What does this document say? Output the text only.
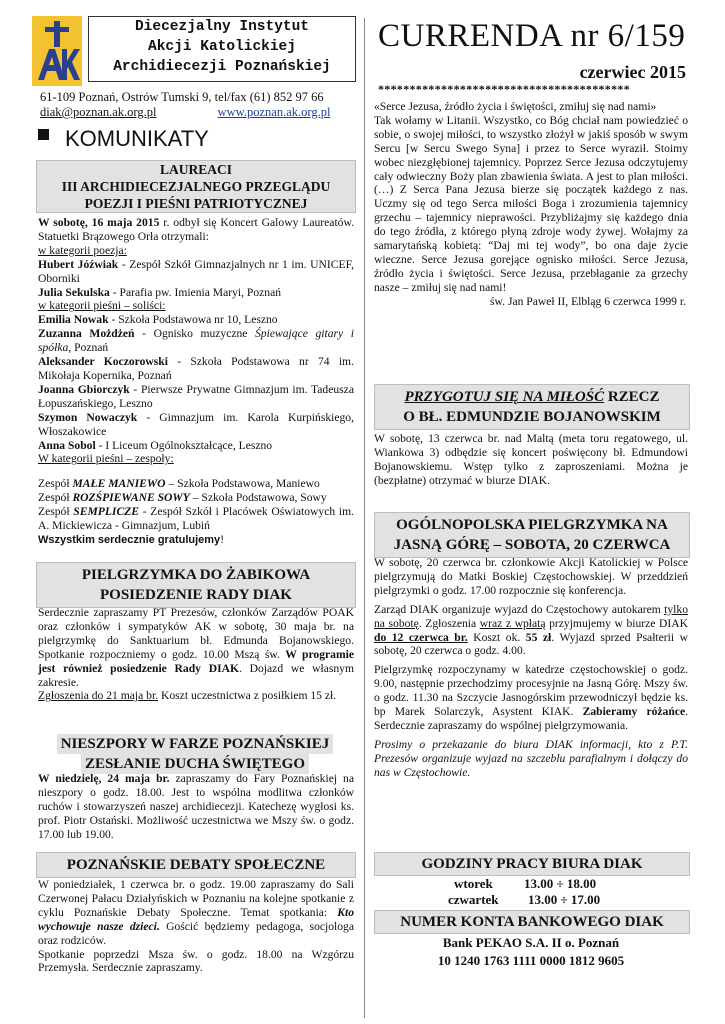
Diecezjalny Instytut
Akcji Katolickiej
Archidiecezji Poznańskiej
61-109 Poznań, Ostrów Tumski 9, tel/fax (61) 852 97 66
diak@poznan.ak.org.pl	www.poznan.ak.org.pl
KOMUNIKATY
LAUREACI
III ARCHIDIECEZJALNEGO PRZEGLĄDU
POEZJI I PIEŚNI PATRIOTYCZNEJ

W sobotę, 16 maja 2015 r. odbył się Koncert Galowy Laureatów. Statuetki Brązowego Orła otrzymali:

w kategorii poezja:

Hubert Jóźwiak - Zespół Szkół Gimnazjalnych nr 1 im. UNICEF, Oborniki

Julia Sekulska - Parafia pw. Imienia Maryi, Poznań

w kategorii pieśni – soliści:

Emilia Nowak - Szkoła Podstawowa nr 10, Leszno

Zuzanna Możdżeń - Ognisko muzyczne Śpiewające gitary i spółka, Poznań

Aleksander Koczorowski - Szkoła Podstawowa nr 74 im. Mikołaja Kopernika, Poznań

Joanna Gbiorczyk - Pierwsze Prywatne Gimnazjum im. Tadeusza Łopuszańskiego, Leszno

Szymon Nowaczyk - Gimnazjum im. Karola Kurpińskiego, Włoszakowice

Anna Sobol - I Liceum Ogólnokształcące, Leszno

W kategorii pieśni – zespoły:

Zespół MAŁE MANIEWO – Szkoła Podstawowa, Maniewo

Zespół ROZŚPIEWANE SOWY – Szkoła Podstawowa, Sowy

Zespół SEMPLICZE - Zespół Szkół i Placówek Oświatowych im. A. Mickiewicza - Gimnazjum, Lubiń

Wszystkim serdecznie gratulujemy!

PIELGRZYMKA DO ŻABIKOWA
POSIEDZENIE RADY DIAK

Serdecznie zapraszamy PT Prezesów, członków Zarządów POAK oraz członków i sympatyków AK w sobotę, 30 maja br. na pielgrzymkę do Sanktuarium bł. Edmunda Bojanowskiego. Spotkanie rozpoczniemy o godz. 10.00 Mszą św. W programie jest również posiedzenie Rady DIAK. Dojazd we własnym zakresie.

Zgłoszenia do 21 maja br. Koszt uczestnictwa z posiłkiem 15 zł.

NIESZPORY W FARZE POZNAŃSKIEJ ZESŁANIE DUCHA ŚWIĘTEGO

W niedzielę, 24 maja br. zapraszamy do Fary Poznańskiej na nieszpory o godz. 18.00. Jest to wspólna modlitwa członków ruchów i stowarzyszeń naszej archidiecezji. Katechezę wygłosi ks. prof. Piotr Ostański. Możliwość uczestnictwa we Mszy św. o godz. 17.00 lub 19.00.

POZNAŃSKIE DEBATY SPOŁECZNE

W poniedziałek, 1 czerwca br. o godz. 19.00 zapraszamy do Sali Czerwonej Pałacu Działyńskich w Poznaniu na kolejne spotkanie z cyklu Poznańskie Debaty Społeczne. Temat spotkania: Kto wychowuje nasze dzieci. Gościć będziemy pedagoga, socjologa oraz rodziców.

Spotkanie poprzedzi Msza św. o godz. 18.00 na Wzgórzu Przemysła. Serdecznie zapraszamy.

CURRENDA nr 6/159
czerwiec 2015
****************************************

«Serce Jezusa, źródło życia i świętości, zmiłuj się nad nami»

Tak wołamy w Litanii. Wszystko, co Bóg chciał nam powiedzieć o sobie, o swojej miłości, to wszystko złożył w jakiś sposób w swym Sercu [w Sercu Swego Syna] i przez to Serce wyraził. Stoimy wobec niezgłębionej tajemnicy. Poprzez Serce Jezusa odczytujemy cały odwieczny Boży plan zbawienia świata. A jest to plan miłości. (…) Z Serca Pana Jezusa bierze się początek każdego z nas. Uczmy się od tego Serca miłości Boga i zrozumienia tajemnicy grzechu – tajemnicy nieprawości. Przybliżajmy się każdego dnia do tego źródła, z którego płyną zdroje wody żywej. Wołajmy za samarytańską kobietą: “Daj mi tej wody”, bo ona daje życie wieczne. Serce Jezusa gorejące ognisko miłości. Serce Jezusa, źródło życia i świętości. Serce Jezusa, przebłaganie za grzechy nasze – zmiłuj się nad nami!

św. Jan Paweł II, Elbląg 6 czerwca 1999 r.

PRZYGOTUJ SIĘ NA MIŁOŚĆ RZECZ
O BŁ. EDMUNDZIE BOJANOWSKIM

W sobotę, 13 czerwca br. nad Maltą (meta toru regatowego, ul. Wiankowa 3) odbędzie się koncert poświęcony bł. Edmundowi Bojanowskiemu. Wstęp tylko z zaproszeniami. Można je (bezpłatne) otrzymać w biurze DIAK.

OGÓLNOPOLSKA PIELGRZYMKA NA
JASNĄ GÓRĘ – SOBOTA, 20 CZERWCA

W sobotę, 20 czerwca br. członkowie Akcji Katolickiej w Polsce pielgrzymują do Matki Boskiej Częstochowskiej. W przeddzień pielgrzymki o godz. 17.00 rozpocznie się konferencja.

Zarząd DIAK organizuje wyjazd do Częstochowy autokarem tylko na sobotę. Zgłoszenia wraz z wpłatą przyjmujemy w biurze DIAK do 12 czerwca br. Koszt ok. 55 zł. Wyjazd sprzed Psałterii w sobotę, 20 czerwca o godz. 4.00.

Pielgrzymkę rozpoczynamy w katedrze częstochowskiej o godz. 9.00, następnie przechodzimy procesyjnie na Jasną Górę. Mszy św. o godz. 11.30 na Szczycie Jasnogórskim przewodniczył będzie ks. bp Marek Solarczyk, Asystent KIAK. Zabieramy różańce. Serdecznie zapraszamy do wspólnej pielgrzymowania.

Prosimy o przekazanie do biura DIAK informacji, kto z P.T. Prezesów organizuje wyjazd na szczeblu parafialnym i dołączy do nas w Częstochowie.

GODZINY PRACY BIURA DIAK
wtorek 13.00 ÷ 18.00
czwartek 13.00 ÷ 17.00
NUMER KONTA BANKOWEGO DIAK
Bank PEKAO S.A. II o. Poznań
10 1240 1763 1111 0000 1812 9605
